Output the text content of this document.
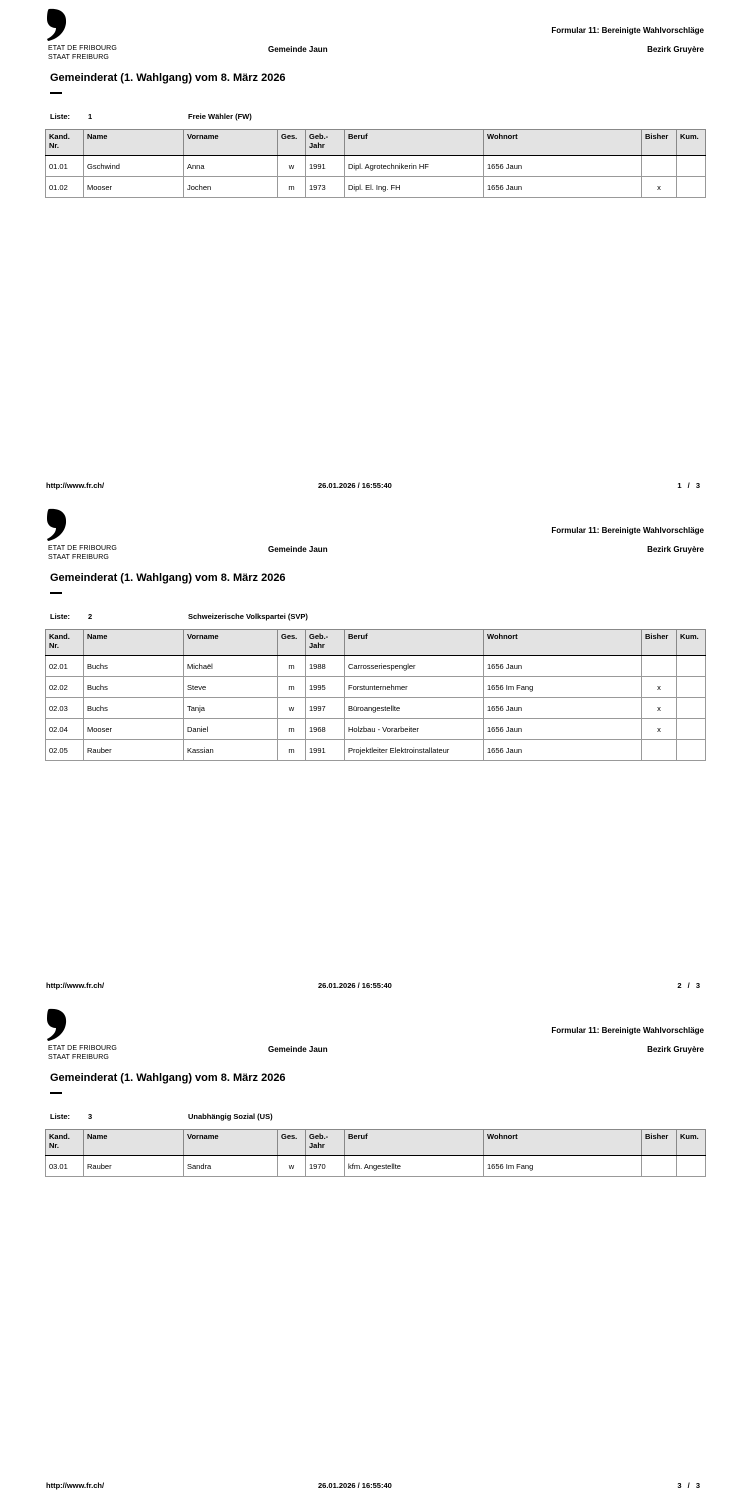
ETAT DE FRIBOURG
STAAT FREIBURG
Formular 11: Bereinigte Wahlvorschläge
Gemeinde Jaun	Bezirk Gruyère
Gemeinderat (1. Wahlgang) vom 8. März 2026
Liste: 1	Freie Wähler (FW)
Kand. Nr.	Name	Vorname	Ges.	Geb.- Jahr	Beruf	Wohnort	Bisher	Kum.
01.01	Gschwind	Anna	w	1991	Dipl. Agrotechnikerin HF	1656 Jaun		
01.02	Mooser	Jochen	m	1973	Dipl. El. Ing. FH	1656 Jaun	x	
http://www.fr.ch/	26.01.2026 / 16:55:40	1 / 3
ETAT DE FRIBOURG
STAAT FREIBURG
Formular 11: Bereinigte Wahlvorschläge
Gemeinde Jaun	Bezirk Gruyère
Gemeinderat (1. Wahlgang) vom 8. März 2026
Liste: 2	Schweizerische Volkspartei (SVP)
Kand. Nr.	Name	Vorname	Ges.	Geb.- Jahr	Beruf	Wohnort	Bisher	Kum.
02.01	Buchs	Michaël	m	1988	Carrosseriespengler	1656 Jaun		
02.02	Buchs	Steve	m	1995	Forstunternehmer	1656 Im Fang	x	
02.03	Buchs	Tanja	w	1997	Büroangestellte	1656 Jaun	x	
02.04	Mooser	Daniel	m	1968	Holzbau - Vorarbeiter	1656 Jaun	x	
02.05	Rauber	Kassian	m	1991	Projektleiter Elektroinstallateur	1656 Jaun		
http://www.fr.ch/	26.01.2026 / 16:55:40	2 / 3
ETAT DE FRIBOURG
STAAT FREIBURG
Formular 11: Bereinigte Wahlvorschläge
Gemeinde Jaun	Bezirk Gruyère
Gemeinderat (1. Wahlgang) vom 8. März 2026
Liste: 3	Unabhängig Sozial (US)
Kand. Nr.	Name	Vorname	Ges.	Geb.- Jahr	Beruf	Wohnort	Bisher	Kum.
03.01	Rauber	Sandra	w	1970	kfm. Angestellte	1656 Im Fang		
http://www.fr.ch/	26.01.2026 / 16:55:40	3 / 3
